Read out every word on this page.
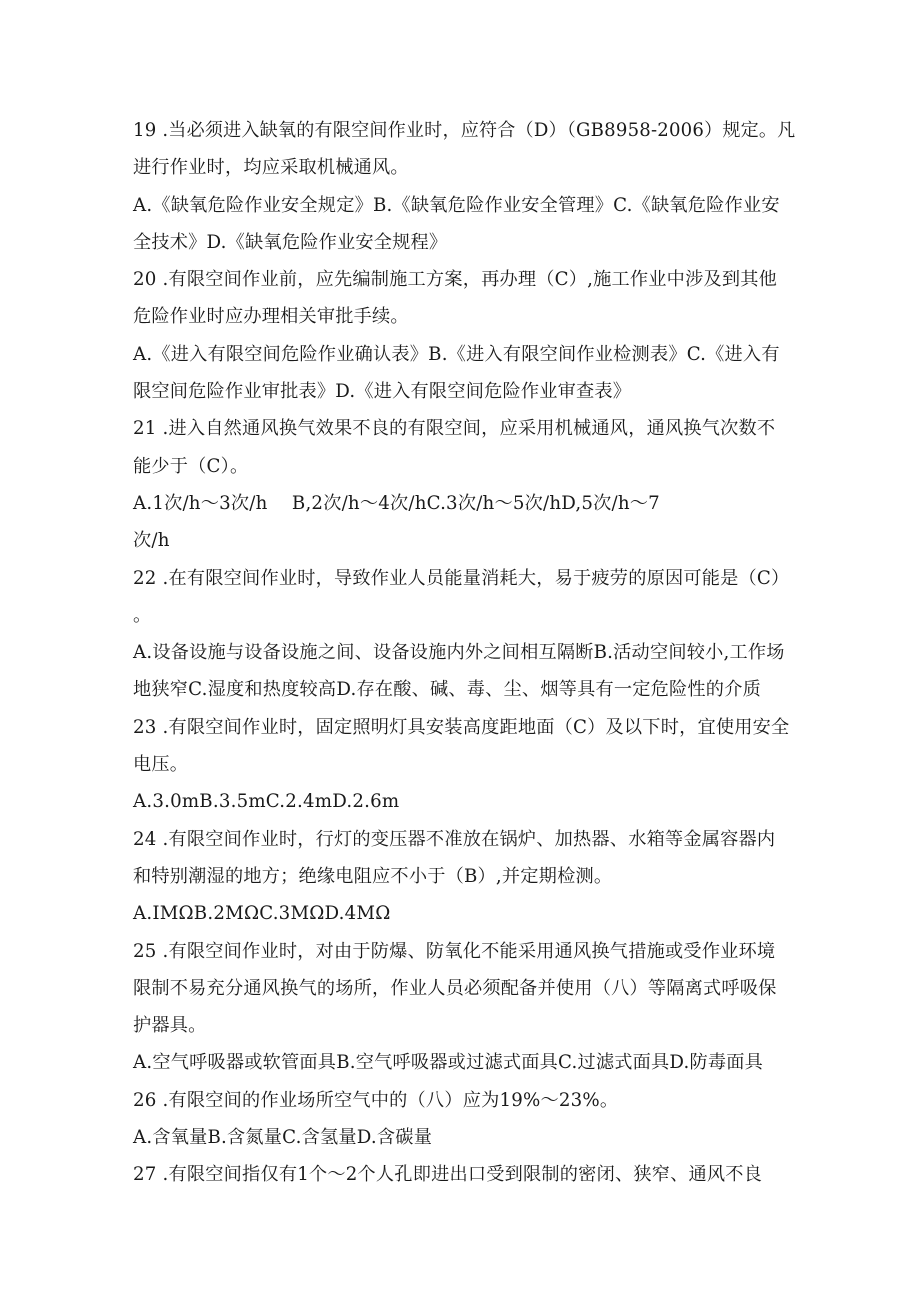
19 .当必须进入缺氧的有限空间作业时，应符合（D）（GB8958-2006）规定。凡
进行作业时，均应采取机械通风。
A.《缺氧危险作业安全规定》B.《缺氧危险作业安全管理》C.《缺氧危险作业安
全技术》D.《缺氧危险作业安全规程》
20 .有限空间作业前，应先编制施工方案，再办理（C）,施工作业中涉及到其他
危险作业时应办理相关审批手续。
A.《进入有限空间危险作业确认表》B.《进入有限空间作业检测表》C.《进入有
限空间危险作业审批表》D.《进入有限空间危险作业审查表》
21 .进入自然通风换气效果不良的有限空间，应采用机械通风，通风换气次数不
能少于（C）。
A.1次/h～3次/h　 B,2次/h～4次/hC.3次/h～5次/hD,5次/h～7
次/h
22 .在有限空间作业时，导致作业人员能量消耗大，易于疲劳的原因可能是（C）
。
A.设备设施与设备设施之间、设备设施内外之间相互隔断B.活动空间较小,工作场
地狭窄C.湿度和热度较高D.存在酸、碱、毒、尘、烟等具有一定危险性的介质
23 .有限空间作业时，固定照明灯具安装高度距地面（C）及以下时，宜使用安全
电压。
A.3.0mB.3.5mC.2.4mD.2.6m
24 .有限空间作业时，行灯的变压器不准放在锅炉、加热器、水箱等金属容器内
和特别潮湿的地方；绝缘电阻应不小于（B）,并定期检测。
A.IMΩB.2MΩC.3MΩD.4MΩ
25 .有限空间作业时，对由于防爆、防氧化不能采用通风换气措施或受作业环境
限制不易充分通风换气的场所，作业人员必须配备并使用（八）等隔离式呼吸保
护器具。
A.空气呼吸器或软管面具B.空气呼吸器或过滤式面具C.过滤式面具D.防毒面具
26 .有限空间的作业场所空气中的（八）应为19%～23%。
A.含氧量B.含氮量C.含氢量D.含碳量
27 .有限空间指仅有1个～2个人孔即进出口受到限制的密闭、狭窄、通风不良
